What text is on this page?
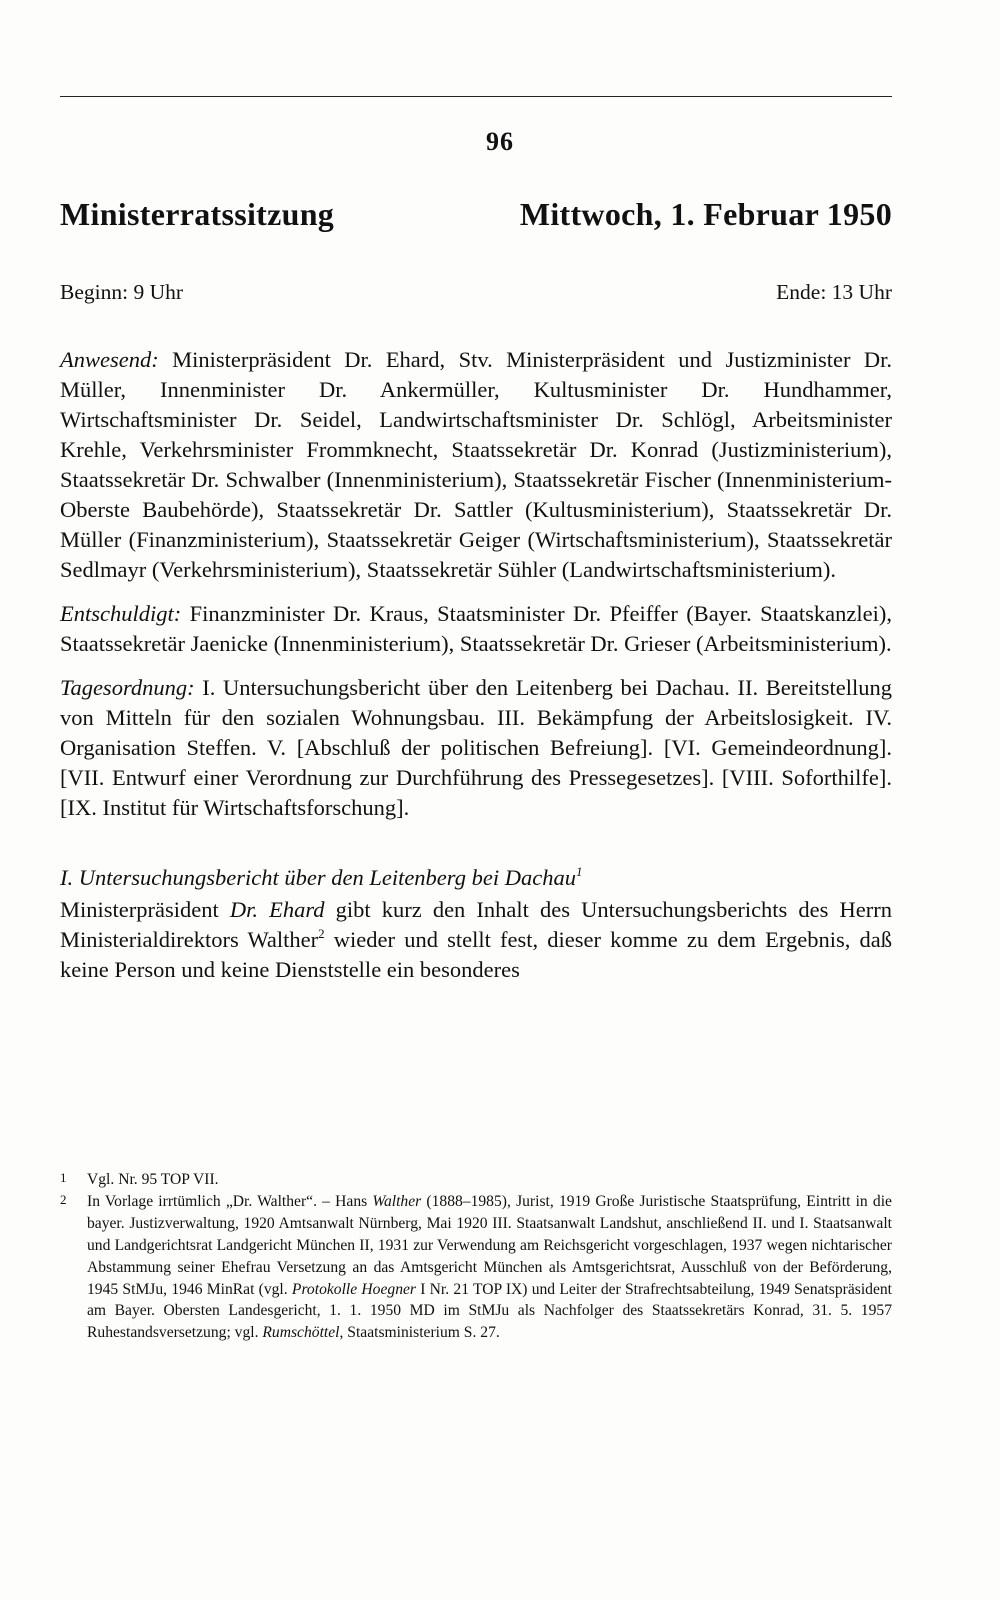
96
Ministerratssitzung	Mittwoch, 1. Februar 1950
Beginn: 9 Uhr	Ende: 13 Uhr

Anwesend: Ministerpräsident Dr. Ehard, Stv. Ministerpräsident und Justizminister Dr. Müller, Innenminister Dr. Ankermüller, Kultusminister Dr. Hundhammer, Wirtschaftsminister Dr. Seidel, Landwirtschaftsminister Dr. Schlögl, Arbeitsminister Krehle, Verkehrsminister Frommknecht, Staatssekretär Dr. Konrad (Justizministerium), Staatssekretär Dr. Schwalber (Innenministerium), Staatssekretär Fischer (Innenministerium-Oberste Baubehörde), Staatssekretär Dr. Sattler (Kultusministerium), Staatssekretär Dr. Müller (Finanzministerium), Staatssekretär Geiger (Wirtschaftsministerium), Staatssekretär Sedlmayr (Verkehrsministerium), Staatssekretär Sühler (Landwirtschaftsministerium).

Entschuldigt: Finanzminister Dr. Kraus, Staatsminister Dr. Pfeiffer (Bayer. Staatskanzlei), Staatssekretär Jaenicke (Innenministerium), Staatssekretär Dr. Grieser (Arbeitsministerium).

Tagesordnung: I. Untersuchungsbericht über den Leitenberg bei Dachau. II. Bereitstellung von Mitteln für den sozialen Wohnungsbau. III. Bekämpfung der Arbeitslosigkeit. IV. Organisation Steffen. V. [Abschluß der politischen Befreiung]. [VI. Gemeindeordnung]. [VII. Entwurf einer Verordnung zur Durchführung des Pressegesetzes]. [VIII. Soforthilfe]. [IX. Institut für Wirtschaftsforschung].

I. Untersuchungsbericht über den Leitenberg bei Dachau$^1$

Ministerpräsident Dr. Ehard gibt kurz den Inhalt des Untersuchungsberichts des Herrn Ministerialdirektors Walther$^2$ wieder und stellt fest, dieser komme zu dem Ergebnis, daß keine Person und keine Dienststelle ein besonderes

1	Vgl. Nr. 95 TOP VII.
2	In Vorlage irrtümlich „Dr. Walther“. – Hans Walther (1888–1985), Jurist, 1919 Große Juristische Staatsprüfung, Eintritt in die bayer. Justizverwaltung, 1920 Amtsanwalt Nürnberg, Mai 1920 III. Staatsanwalt Landshut, anschließend II. und I. Staatsanwalt und Landgerichtsrat Landgericht München II, 1931 zur Verwendung am Reichsgericht vorgeschlagen, 1937 wegen nichtarischer Abstammung seiner Ehefrau Versetzung an das Amtsgericht München als Amtsgerichtsrat, Ausschluß von der Beförderung, 1945 StMJu, 1946 MinRat (vgl. Protokolle Hoegner I Nr. 21 TOP IX) und Leiter der Strafrechtsabteilung, 1949 Senatspräsident am Bayer. Obersten Landesgericht, 1. 1. 1950 MD im StMJu als Nachfolger des Staatssekretärs Konrad, 31. 5. 1957 Ruhestandsversetzung; vgl. Rumschöttel, Staatsministerium S. 27.
